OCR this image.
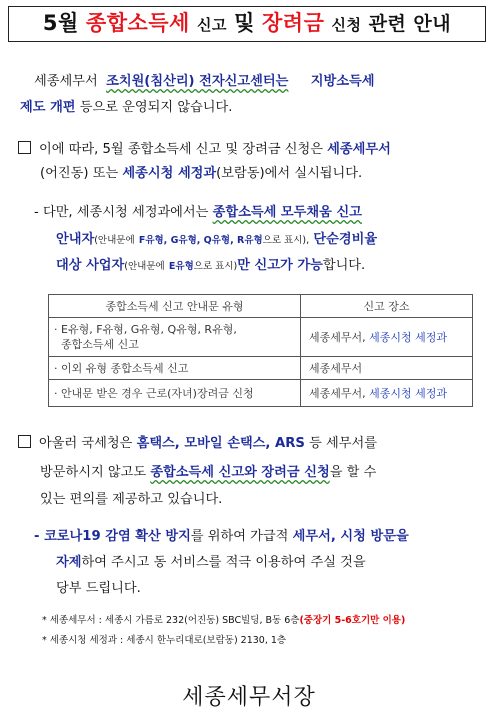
5월 종합소득세 신고 및 장려금 신청 관련 안내
세종세무서 조치원(침산리) 전자신고센터는 지방소득세
제도 개편 등으로 운영되지 않습니다.
이에 따라, 5월 종합소득세 신고 및 장려금 신청은 세종세무서
(어진동) 또는 세종시청 세정과(보람동)에서 실시됩니다.
- 다만, 세종시청 세정과에서는 종합소득세 모두채움 신고
안내자(안내문에 F유형, G유형, Q유형, R유형으로 표시), 단순경비율
대상 사업자(안내문에 E유형으로 표시)만 신고가 가능합니다.
종합소득세 신고 안내문 유형	신고 장소
· E유형, F유형, G유형, Q유형, R유형,
종합소득세 신고	세종세무서, 세종시청 세정과
· 이외 유형 종합소득세 신고	세종세무서
· 안내문 받은 경우 근로(자녀)장려금 신청	세종세무서, 세종시청 세정과
아울러 국세청은 홈택스, 모바일 손택스, ARS 등 세무서를
방문하시지 않고도 종합소득세 신고와 장려금 신청을 할 수
있는 편의를 제공하고 있습니다.
- 코로나19 감염 확산 방지를 위하여 가급적 세무서, 시청 방문을
자제하여 주시고 동 서비스를 적극 이용하여 주실 것을
당부 드립니다.
* 세종세무서 : 세종시 가름로 232(어진동) SBC빌딩, B동 6층(중장기 5-6호기만 이용)
* 세종시청 세정과 : 세종시 한누리대로(보람동) 2130, 1층
세종세무서장
